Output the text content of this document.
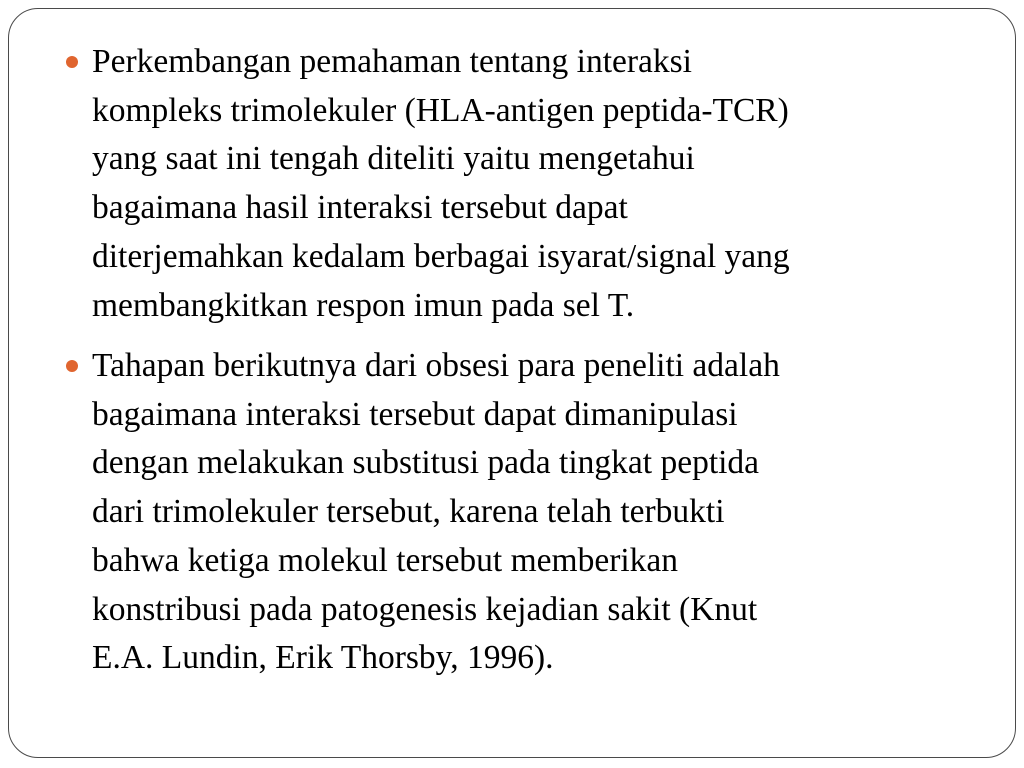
Perkembangan pemahaman tentang interaksi
kompleks trimolekuler (HLA-antigen peptida-TCR)
yang saat ini tengah diteliti yaitu mengetahui
bagaimana hasil interaksi tersebut dapat
diterjemahkan kedalam berbagai isyarat/signal yang
membangkitkan respon imun pada sel T.
Tahapan berikutnya dari obsesi para peneliti adalah
bagaimana interaksi tersebut dapat dimanipulasi
dengan melakukan substitusi pada tingkat peptida
dari trimolekuler tersebut, karena telah terbukti
bahwa ketiga molekul tersebut memberikan
konstribusi pada patogenesis kejadian sakit (Knut
E.A. Lundin, Erik Thorsby, 1996).
